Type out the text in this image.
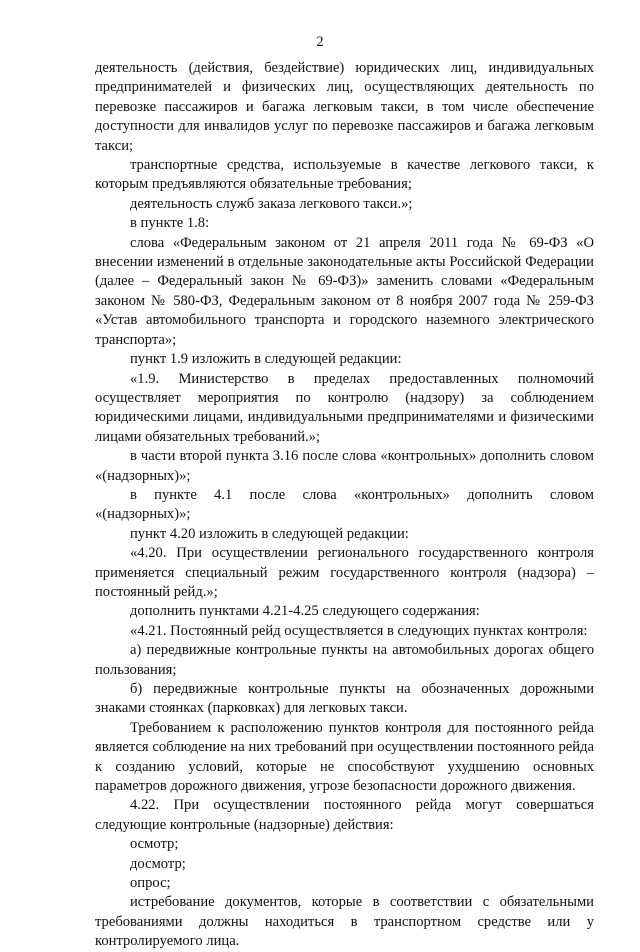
2

деятельность (действия, бездействие) юридических лиц, индивидуальных предпринимателей и физических лиц, осуществляющих деятельность по перевозке пассажиров и багажа легковым такси, в том числе обеспечение доступности для инвалидов услуг по перевозке пассажиров и багажа легковым такси;

транспортные средства, используемые в качестве легкового такси, к которым предъявляются обязательные требования;

деятельность служб заказа легкового такси.»;

в пункте 1.8:

слова «Федеральным законом от 21 апреля 2011 года № 69-ФЗ «О внесении изменений в отдельные законодательные акты Российской Федерации (далее – Федеральный закон № 69-ФЗ)» заменить словами «Федеральным законом № 580-ФЗ, Федеральным законом от 8 ноября 2007 года № 259-ФЗ «Устав автомобильного транспорта и городского наземного электрического транспорта»;

пункт 1.9 изложить в следующей редакции:

«1.9. Министерство в пределах предоставленных полномочий осуществляет мероприятия по контролю (надзору) за соблюдением юридическими лицами, индивидуальными предпринимателями и физическими лицами обязательных требований.»;

в части второй пункта 3.16 после слова «контрольных» дополнить словом «(надзорных)»;

в пункте 4.1 после слова «контрольных» дополнить словом «(надзорных)»;

пункт 4.20 изложить в следующей редакции:

«4.20. При осуществлении регионального государственного контроля применяется специальный режим государственного контроля (надзора) – постоянный рейд.»;

дополнить пунктами 4.21-4.25 следующего содержания:

«4.21. Постоянный рейд осуществляется в следующих пунктах контроля:

а) передвижные контрольные пункты на автомобильных дорогах общего пользования;

б) передвижные контрольные пункты на обозначенных дорожными знаками стоянках (парковках) для легковых такси.

Требованием к расположению пунктов контроля для постоянного рейда является соблюдение на них требований при осуществлении постоянного рейда к созданию условий, которые не способствуют ухудшению основных параметров дорожного движения, угрозе безопасности дорожного движения.

4.22. При осуществлении постоянного рейда могут совершаться следующие контрольные (надзорные) действия:

осмотр;

досмотр;

опрос;

истребование документов, которые в соответствии с обязательными требованиями должны находиться в транспортном средстве или у контролируемого лица.
